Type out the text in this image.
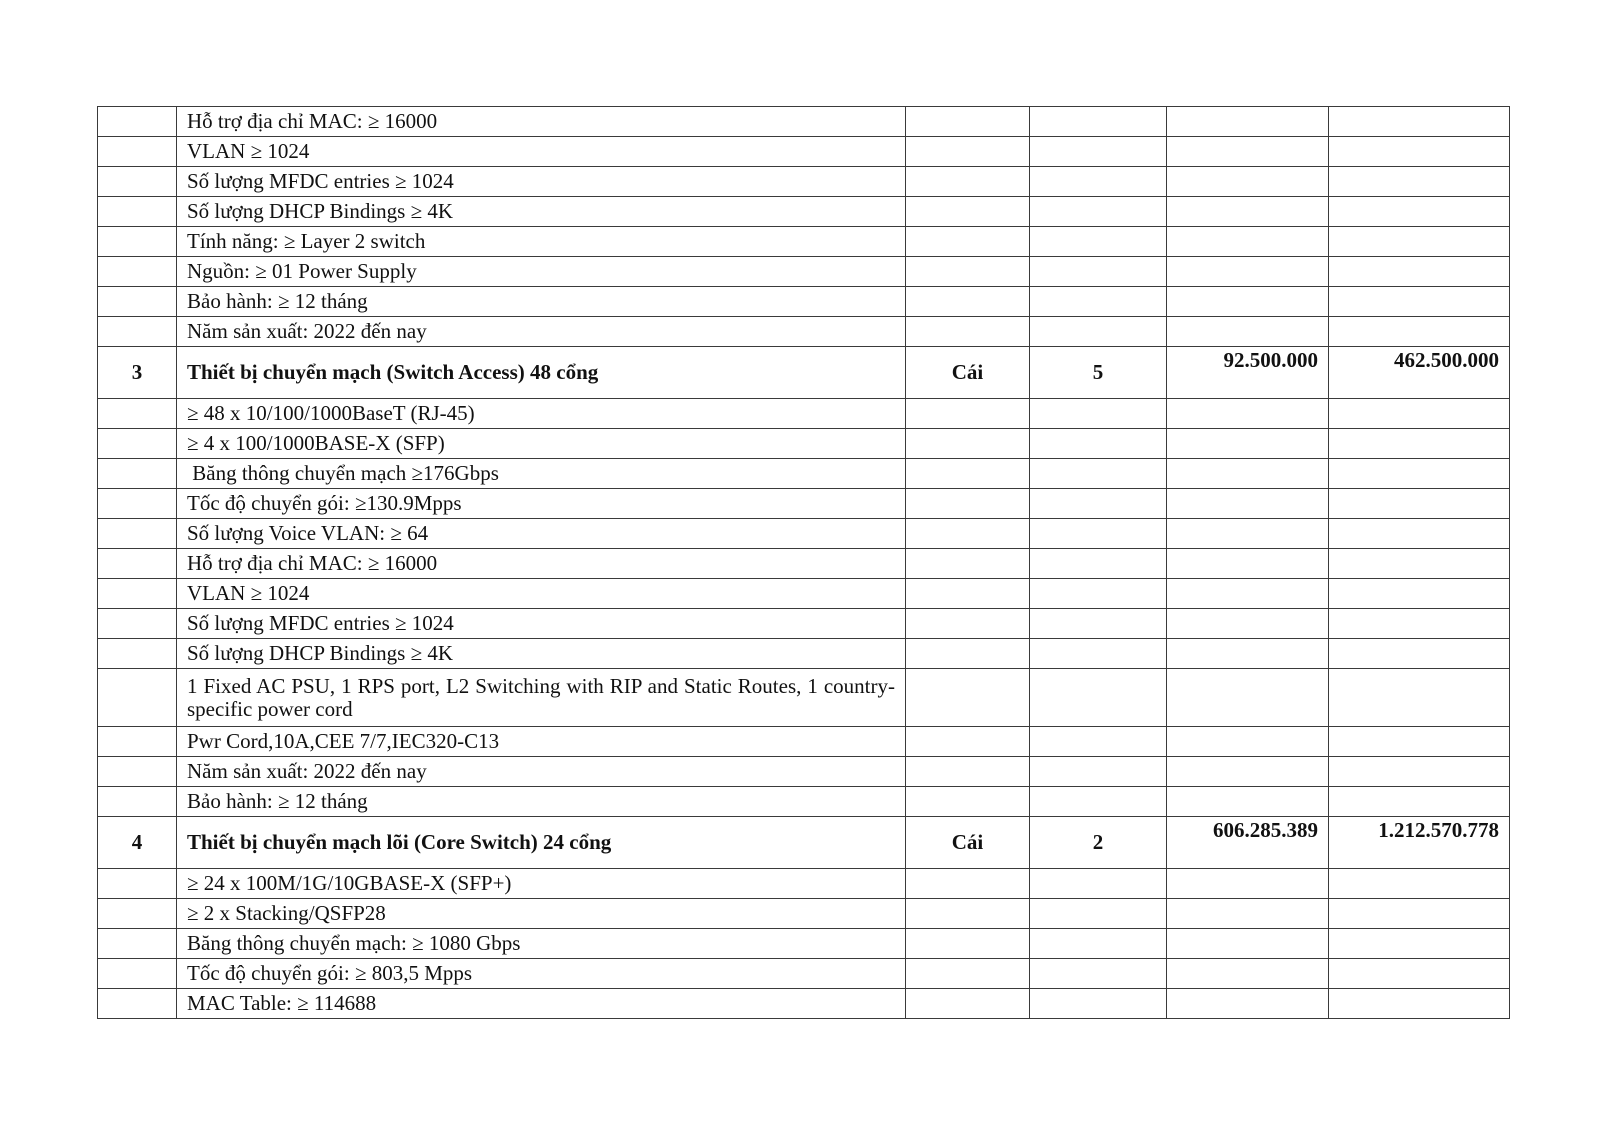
	Hỗ trợ địa chỉ MAC: ≥ 16000				
	VLAN ≥ 1024				
	Số lượng MFDC entries ≥ 1024				
	Số lượng DHCP Bindings ≥ 4K				
	Tính năng: ≥ Layer 2 switch				
	Nguồn: ≥ 01 Power Supply				
	Bảo hành: ≥ 12 tháng				
	Năm sản xuất: 2022 đến nay				
3	Thiết bị chuyển mạch (Switch Access) 48 cổng	Cái	5	92.500.000	462.500.000
	≥ 48 x 10/100/1000BaseT (RJ-45)				
	≥ 4 x 100/1000BASE-X (SFP)				
	Băng thông chuyển mạch ≥176Gbps				
	Tốc độ chuyển gói: ≥130.9Mpps				
	Số lượng Voice VLAN: ≥ 64				
	Hỗ trợ địa chỉ MAC: ≥ 16000				
	VLAN ≥ 1024				
	Số lượng MFDC entries ≥ 1024				
	Số lượng DHCP Bindings ≥ 4K				
	1 Fixed AC PSU, 1 RPS port, L2 Switching with RIP and Static Routes, 1 country-specific power cord				
	Pwr Cord,10A,CEE 7/7,IEC320-C13				
	Năm sản xuất: 2022 đến nay				
	Bảo hành: ≥ 12 tháng				
4	Thiết bị chuyển mạch lõi (Core Switch) 24 cổng	Cái	2	606.285.389	1.212.570.778
	≥ 24 x 100M/1G/10GBASE-X (SFP+)				
	≥ 2 x Stacking/QSFP28				
	Băng thông chuyển mạch: ≥ 1080 Gbps				
	Tốc độ chuyển gói: ≥ 803,5 Mpps				
	MAC Table: ≥ 114688				
